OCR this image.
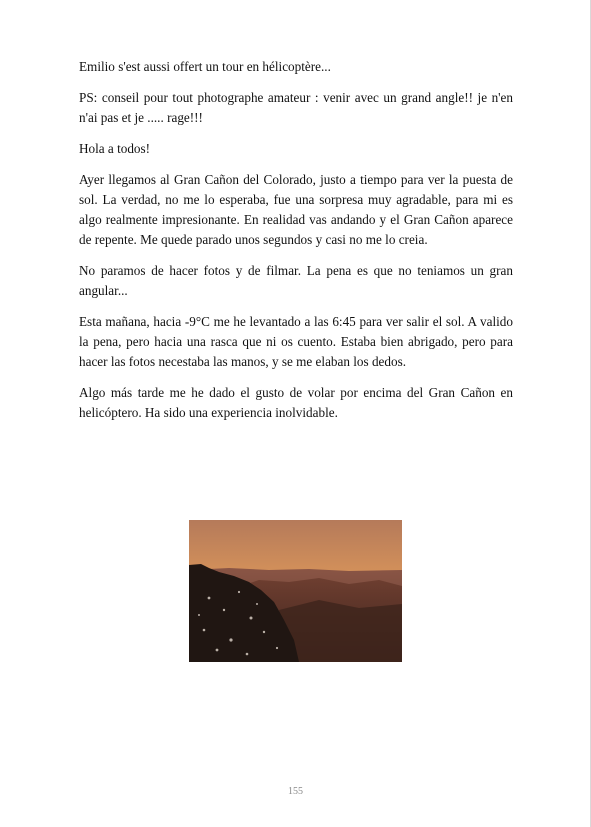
Emilio s'est aussi offert un tour en hélicoptère...

PS: conseil pour tout photographe amateur : venir avec un grand angle!! je n'en n'ai pas et je ..... rage!!!

Hola a todos!

Ayer llegamos al Gran Cañon del Colorado, justo a tiempo para ver la puesta de sol. La verdad, no me lo esperaba, fue una sorpresa muy agradable, para mi es algo realmente impresionante. En realidad vas andando y el Gran Cañon aparece de repente. Me quede parado unos segundos y casi no me lo creia.

No paramos de hacer fotos y de filmar. La pena es que no teniamos un gran angular...

Esta mañana, hacia -9°C me he levantado a las 6:45 para ver salir el sol. A valido la pena, pero hacia una rasca que ni os cuento. Estaba bien abrigado, pero para hacer las fotos necestaba las manos, y se me elaban los dedos.

Algo más tarde me he dado el gusto de volar por encima del Gran Cañon en helicóptero. Ha sido una experiencia inolvidable.

155
